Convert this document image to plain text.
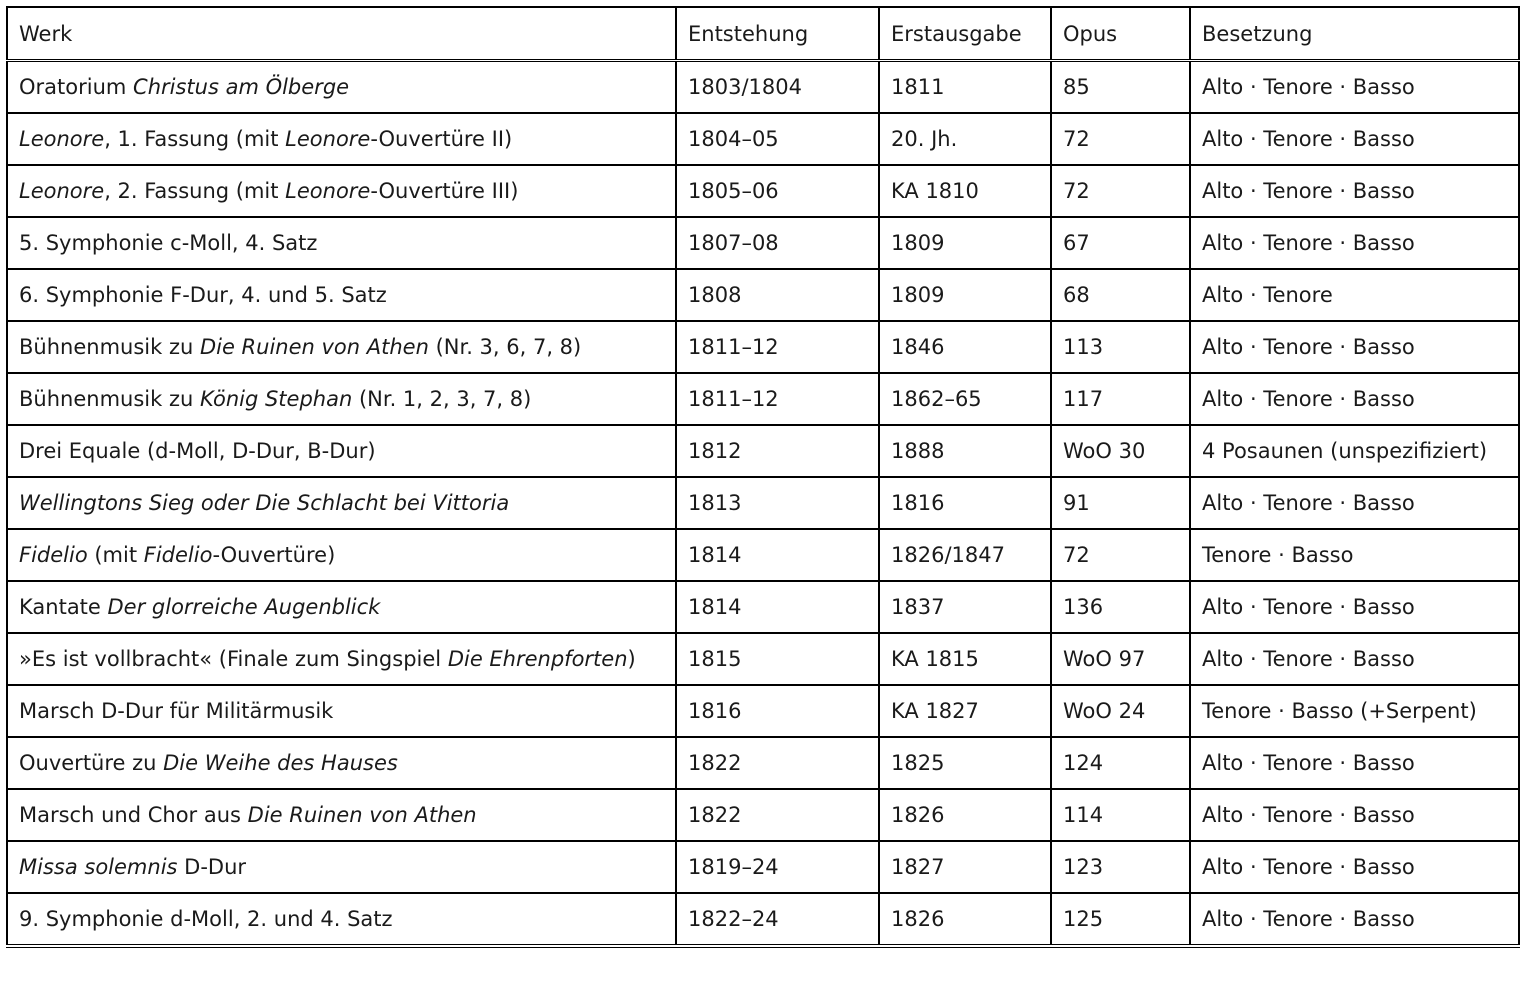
Werk	Entstehung	Erstausgabe	Opus	Besetzung
Oratorium Christus am Ölberge	1803/1804	1811	85	Alto · Tenore · Basso
Leonore, 1. Fassung (mit Leonore-Ouvertüre II)	1804–05	20. Jh.	72	Alto · Tenore · Basso
Leonore, 2. Fassung (mit Leonore-Ouvertüre III)	1805–06	KA 1810	72	Alto · Tenore · Basso
5. Symphonie c-Moll, 4. Satz	1807–08	1809	67	Alto · Tenore · Basso
6. Symphonie F-Dur, 4. und 5. Satz	1808	1809	68	Alto · Tenore
Bühnenmusik zu Die Ruinen von Athen (Nr. 3, 6, 7, 8)	1811–12	1846	113	Alto · Tenore · Basso
Bühnenmusik zu König Stephan (Nr. 1, 2, 3, 7, 8)	1811–12	1862–65	117	Alto · Tenore · Basso
Drei Equale (d-Moll, D-Dur, B-Dur)	1812	1888	WoO 30	4 Posaunen (unspezifiziert)
Wellingtons Sieg oder Die Schlacht bei Vittoria	1813	1816	91	Alto · Tenore · Basso
Fidelio (mit Fidelio-Ouvertüre)	1814	1826/1847	72	Tenore · Basso
Kantate Der glorreiche Augenblick	1814	1837	136	Alto · Tenore · Basso
»Es ist vollbracht« (Finale zum Singspiel Die Ehrenpforten)	1815	KA 1815	WoO 97	Alto · Tenore · Basso
Marsch D-Dur für Militärmusik	1816	KA 1827	WoO 24	Tenore · Basso (+Serpent)
Ouvertüre zu Die Weihe des Hauses	1822	1825	124	Alto · Tenore · Basso
Marsch und Chor aus Die Ruinen von Athen	1822	1826	114	Alto · Tenore · Basso
Missa solemnis D-Dur	1819–24	1827	123	Alto · Tenore · Basso
9. Symphonie d-Moll, 2. und 4. Satz	1822–24	1826	125	Alto · Tenore · Basso
